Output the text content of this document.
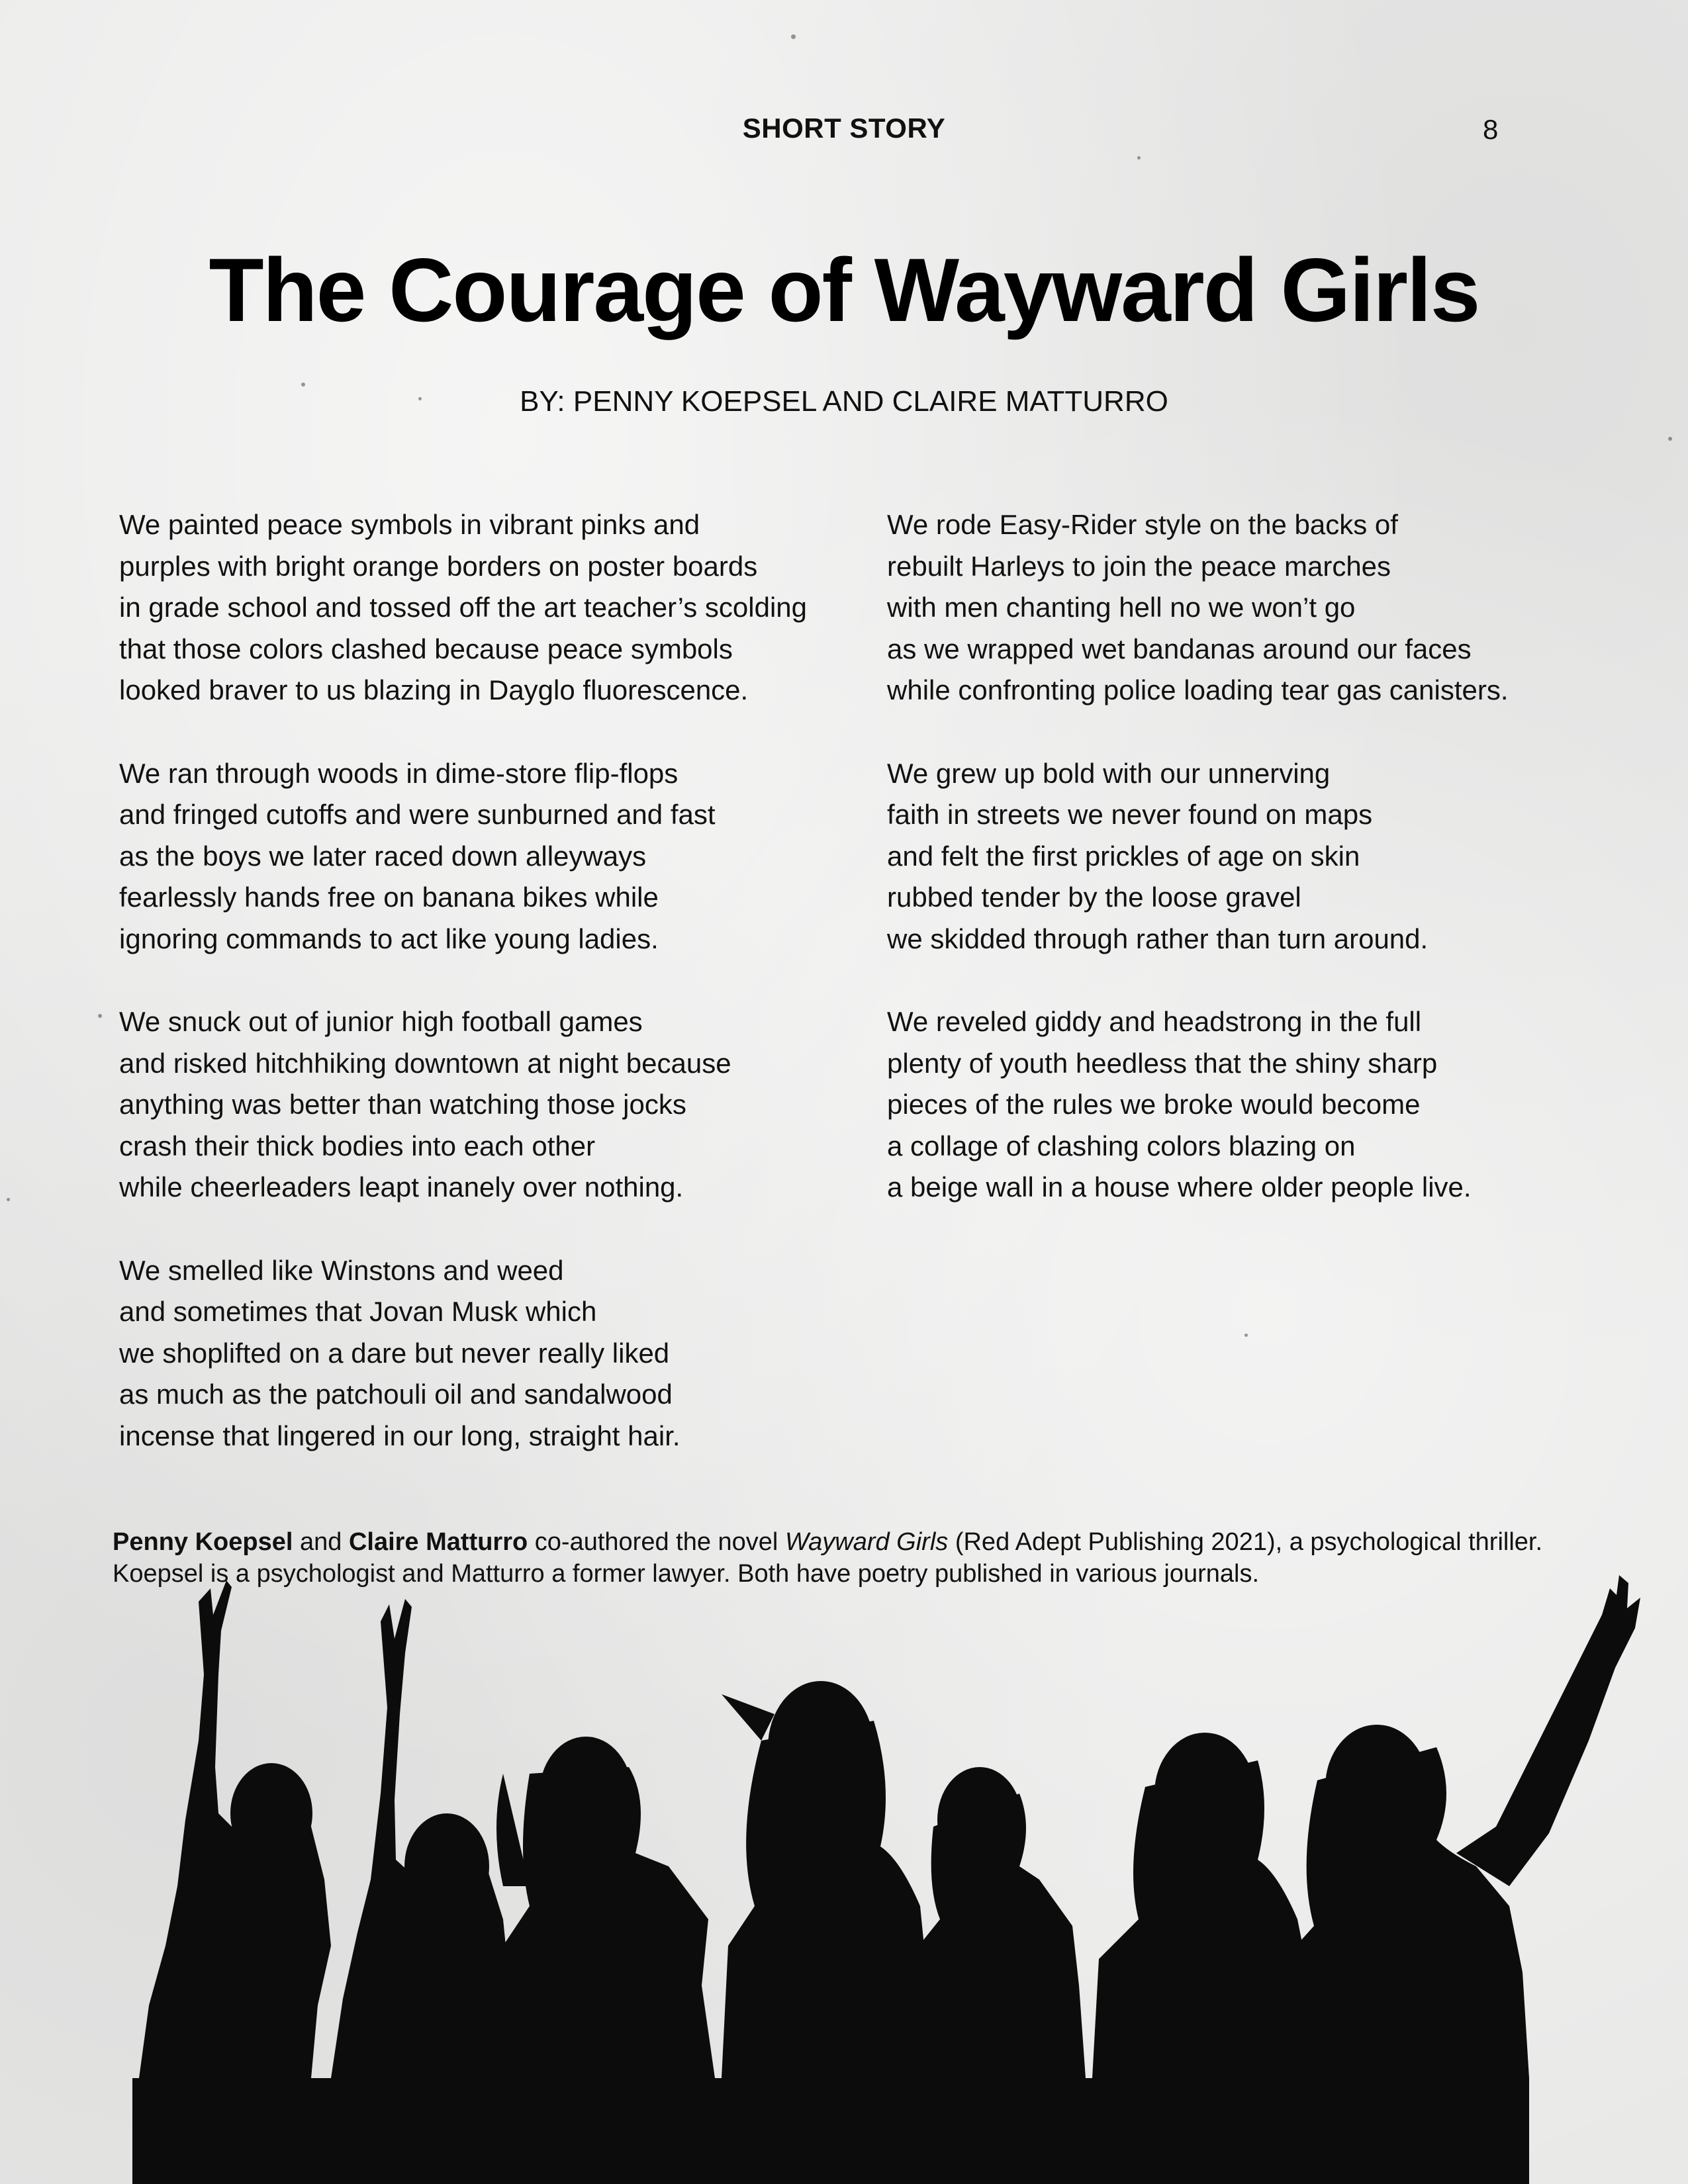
SHORT STORY	8
The Courage of Wayward Girls
BY: PENNY KOEPSEL AND CLAIRE MATTURRO
We painted peace symbols in vibrant pinks and
purples with bright orange borders on poster boards
in grade school and tossed off the art teacher’s scolding
that those colors clashed because peace symbols
looked braver to us blazing in Dayglo fluorescence.
We ran through woods in dime-store flip-flops
and fringed cutoffs and were sunburned and fast
as the boys we later raced down alleyways
fearlessly hands free on banana bikes while
ignoring commands to act like young ladies.
We snuck out of junior high football games
and risked hitchhiking downtown at night because
anything was better than watching those jocks
crash their thick bodies into each other
while cheerleaders leapt inanely over nothing.
We smelled like Winstons and weed
and sometimes that Jovan Musk which
we shoplifted on a dare but never really liked
as much as the patchouli oil and sandalwood
incense that lingered in our long, straight hair.
We rode Easy-Rider style on the backs of
rebuilt Harleys to join the peace marches
with men chanting hell no we won’t go
as we wrapped wet bandanas around our faces
while confronting police loading tear gas canisters.
We grew up bold with our unnerving
faith in streets we never found on maps
and felt the first prickles of age on skin
rubbed tender by the loose gravel
we skidded through rather than turn around.
We reveled giddy and headstrong in the full
plenty of youth heedless that the shiny sharp
pieces of the rules we broke would become
a collage of clashing colors blazing on
a beige wall in a house where older people live.
Penny Koepsel and Claire Matturro co-authored the novel Wayward Girls (Red Adept Publishing 2021), a psychological thriller. Koepsel is a psychologist and Matturro a former lawyer. Both have poetry published in various journals.
